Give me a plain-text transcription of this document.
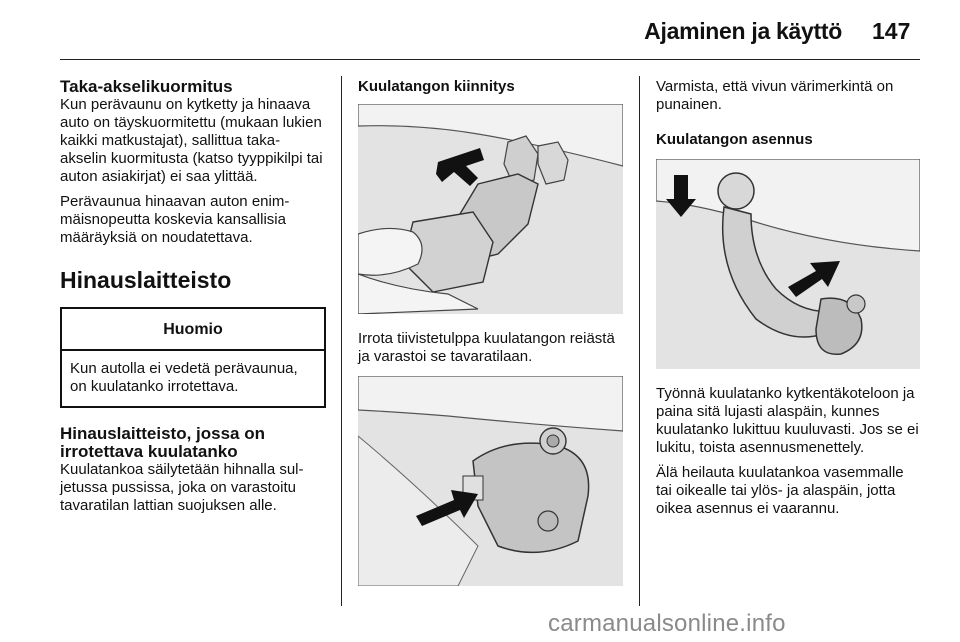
Ajaminen ja käyttö 147
Taka-akselikuormitus

Kun perävaunu on kytketty ja hinaava auto on täyskuormitettu (mukaan lukien kaikki matkustajat), sallittua taka-akselin kuormitusta (katso tyyppikilpi tai auton asiakirjat) ei saa ylittää.

Perävaunua hinaavan auton enimmäisnopeutta koskevia kansallisia määräyksiä on noudatettava.

Hinauslaitteisto
Huomio
Kun autolla ei vedetä perävaunua, on kuulatanko irrotettava.
Hinauslaitteisto, jossa on irrotettava kuulatanko

Kuulatankoa säilytetään hihnalla suljetussa pussissa, joka on varastoitu tavaratilan lattian suojuksen alle.

Kuulatangon kiinnitys

Irrota tiivistetulppa kuulatangon reiästä ja varastoi se tavaratilaan.

Varmista, että vivun värimerkintä on punainen.

Kuulatangon asennus

Työnnä kuulatanko kytkentäkoteloon ja paina sitä lujasti alaspäin, kunnes kuulatanko lukittuu kuuluvasti. Jos se ei lukitu, toista asennusmenettely.

Älä heilauta kuulatankoa vasemmalle tai oikealle tai ylös- ja alaspäin, jotta oikea asennus ei vaarannu.

carmanualsonline.info
